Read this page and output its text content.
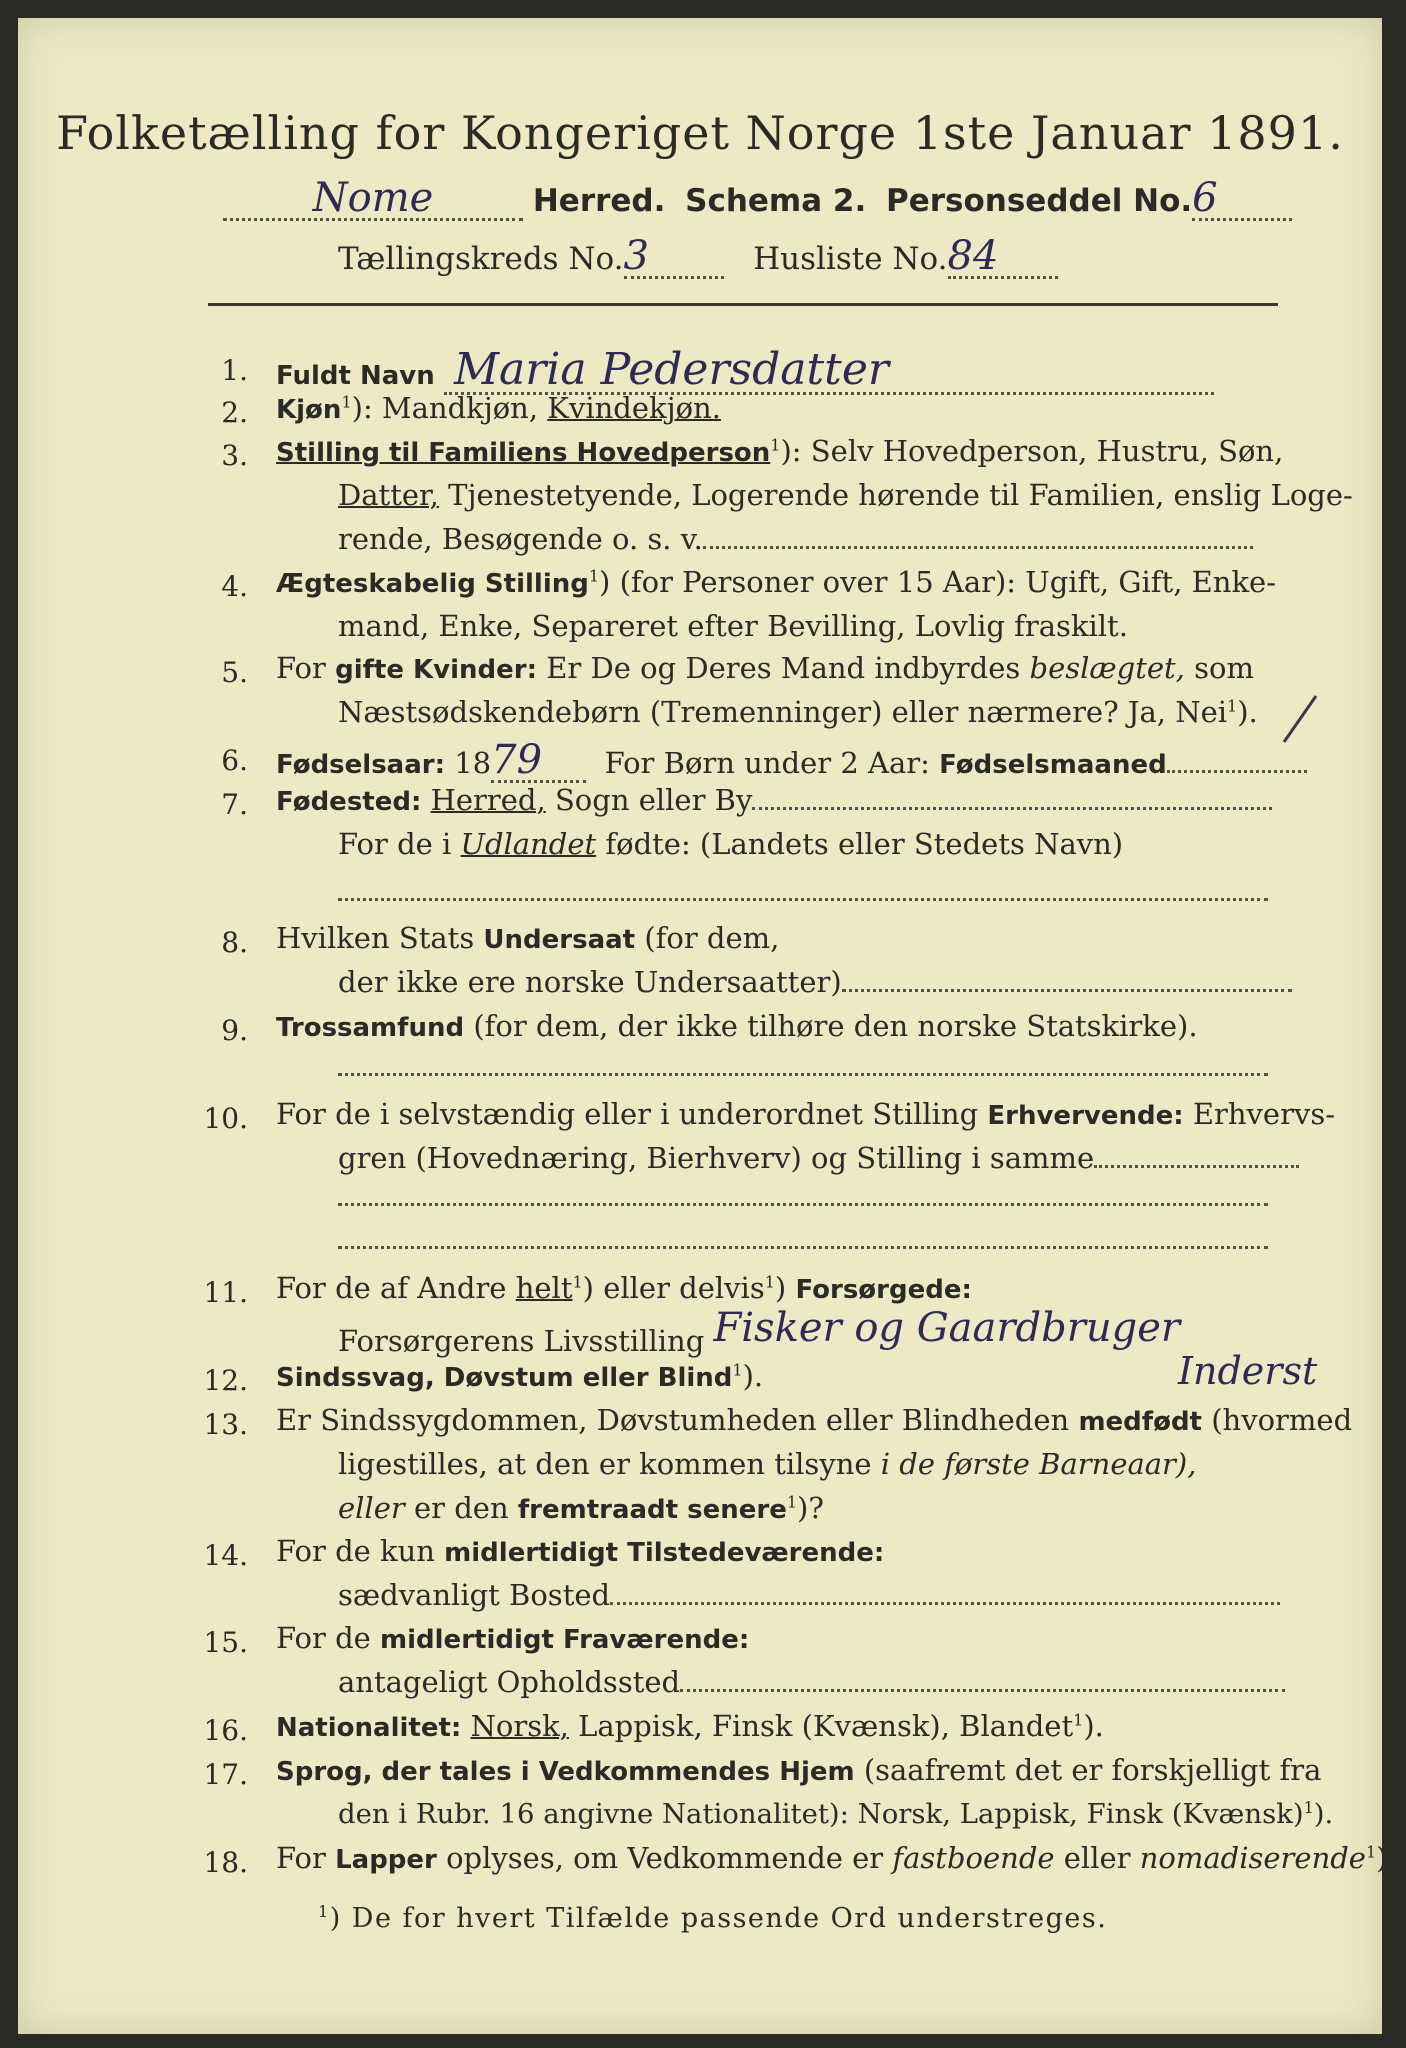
Folketælling for Kongeriget Norge 1ste Januar 1891.
Nome	Herred. Schema 2. Personseddel No.6
Tællingskreds No.3	Husliste No.84
1. Fuldt Navn Maria Pedersdatter
2. Kjøn$^1$): Mandkjøn, Kvindekjøn.
3. Stilling til Familiens Hovedperson$^1$): Selv Hovedperson, Hustru, Søn,
Datter, Tjenestetyende, Logerende hørende til Familien, enslig Loge-
rende, Besøgende o. s. v.
4. Ægteskabelig Stilling$^1$) (for Personer over 15 Aar): Ugift, Gift, Enke-
mand, Enke, Separeret efter Bevilling, Lovlig fraskilt.
5. For gifte Kvinder: Er De og Deres Mand indbyrdes beslægtet, som
Næstsødskendebørn (Tremenninger) eller nærmere? Ja, Nei$^1$).
6. Fødselsaar: 1879 For Børn under 2 Aar: Fødselsmaaned
7. Fødested: Herred, Sogn eller By
For de i Udlandet fødte: (Landets eller Stedets Navn)
8. Hvilken Stats Undersaat (for dem,
der ikke ere norske Undersaatter)
9. Trossamfund (for dem, der ikke tilhøre den norske Statskirke).
10. For de i selvstændig eller i underordnet Stilling Erhvervende: Erhvervs-
gren (Hovednæring, Bierhverv) og Stilling i samme
11. For de af Andre helt$^1$) eller delvis$^1$) Forsørgede:
Forsørgerens Livsstilling Fisker og Gaardbruger
Inderst
12. Sindssvag, Døvstum eller Blind$^1$).
13. Er Sindssygdommen, Døvstumheden eller Blindheden medfødt (hvormed
ligestilles, at den er kommen tilsyne i de første Barneaar),
eller er den fremtraadt senere$^1$)?
14. For de kun midlertidigt Tilstedeværende:
sædvanligt Bosted
15. For de midlertidigt Fraværende:
antageligt Opholdssted
16. Nationalitet: Norsk, Lappisk, Finsk (Kvænsk), Blandet$^1$).
17. Sprog, der tales i Vedkommendes Hjem (saafremt det er forskjelligt fra
den i Rubr. 16 angivne Nationalitet): Norsk, Lappisk, Finsk (Kvænsk)$^1$).
18. For Lapper oplyses, om Vedkommende er fastboende eller nomadiserende$^1$).
$^1$) De for hvert Tilfælde passende Ord understreges.
